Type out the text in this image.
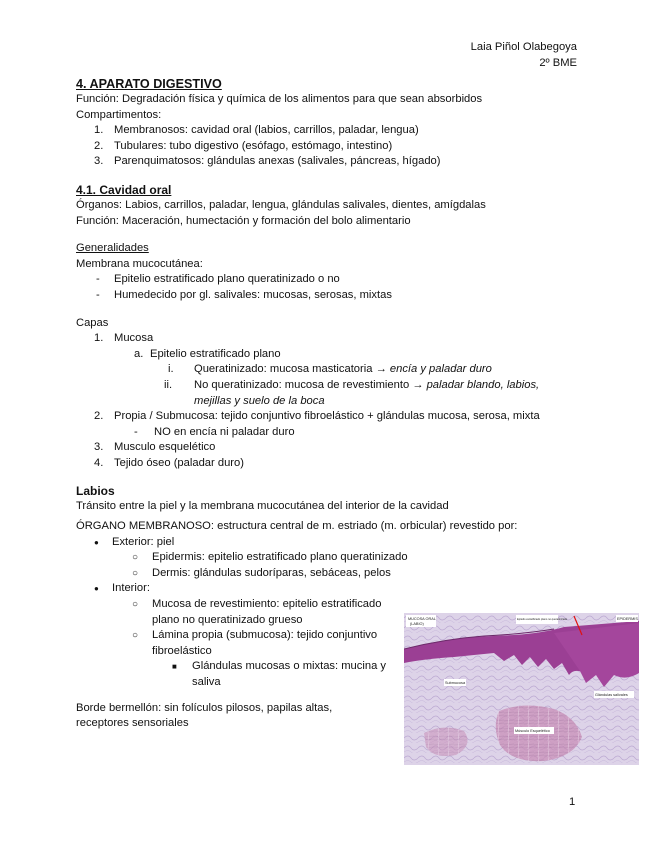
Laia Piñol Olabegoya
2º BME
4. APARATO DIGESTIVO
Función: Degradación física y química de los alimentos para que sean absorbidos
Compartimentos:
1. Membranosos: cavidad oral (labios, carrillos, paladar, lengua)
2. Tubulares: tubo digestivo (esófago, estómago, intestino)
3. Parenquimatosos: glándulas anexas (salivales, páncreas, hígado)
4.1. Cavidad oral
Órganos: Labios, carrillos, paladar, lengua, glándulas salivales, dientes, amígdalas
Función: Maceración, humectación y formación del bolo alimentario
Generalidades
Membrana mucocutánea:
-	Epitelio estratificado plano queratinizado o no
-	Humedecido por gl. salivales: mucosas, serosas, mixtas
Capas
1. Mucosa
a. Epitelio estratificado plano
i.	Queratinizado: mucosa masticatoria →
encía y paladar duro
ii.	No queratinizado: mucosa de revestimiento →
paladar blando, labios,
mejillas y suelo de la boca
2. Propia / Submucosa: tejido conjuntivo fibroelástico + glándulas mucosa, serosa, mixta
-	NO en encía ni paladar duro
3. Musculo esquelético
4. Tejido óseo (paladar duro)
Labios
Tránsito entre la piel y la membrana mucocutánea del interior de la cavidad
ÓRGANO MEMBRANOSO: estructura central de m. estriado (m. orbicular) revestido por:
●	Exterior: piel
○	Epidermis: epitelio estratificado plano queratinizado
○	Dermis: glándulas sudoríparas, sebáceas, pelos
●	Interior:
○	Mucosa de revestimiento: epitelio estratificado
plano no queratinizado grueso
○	Lámina propia (submucosa): tejido conjuntivo
fibroelástico
■	Glándulas mucosas o mixtas: mucina y
saliva
Borde bermellón: sin folículos pilosos, papilas altas,
receptores sensoriales
MUCOSA ORAL
(LABIO)
Epitelio estratificado plano no queratinizado	EPIDERMIS
Submucosa
Glándulas salivales
Músculo Esquelético
1
